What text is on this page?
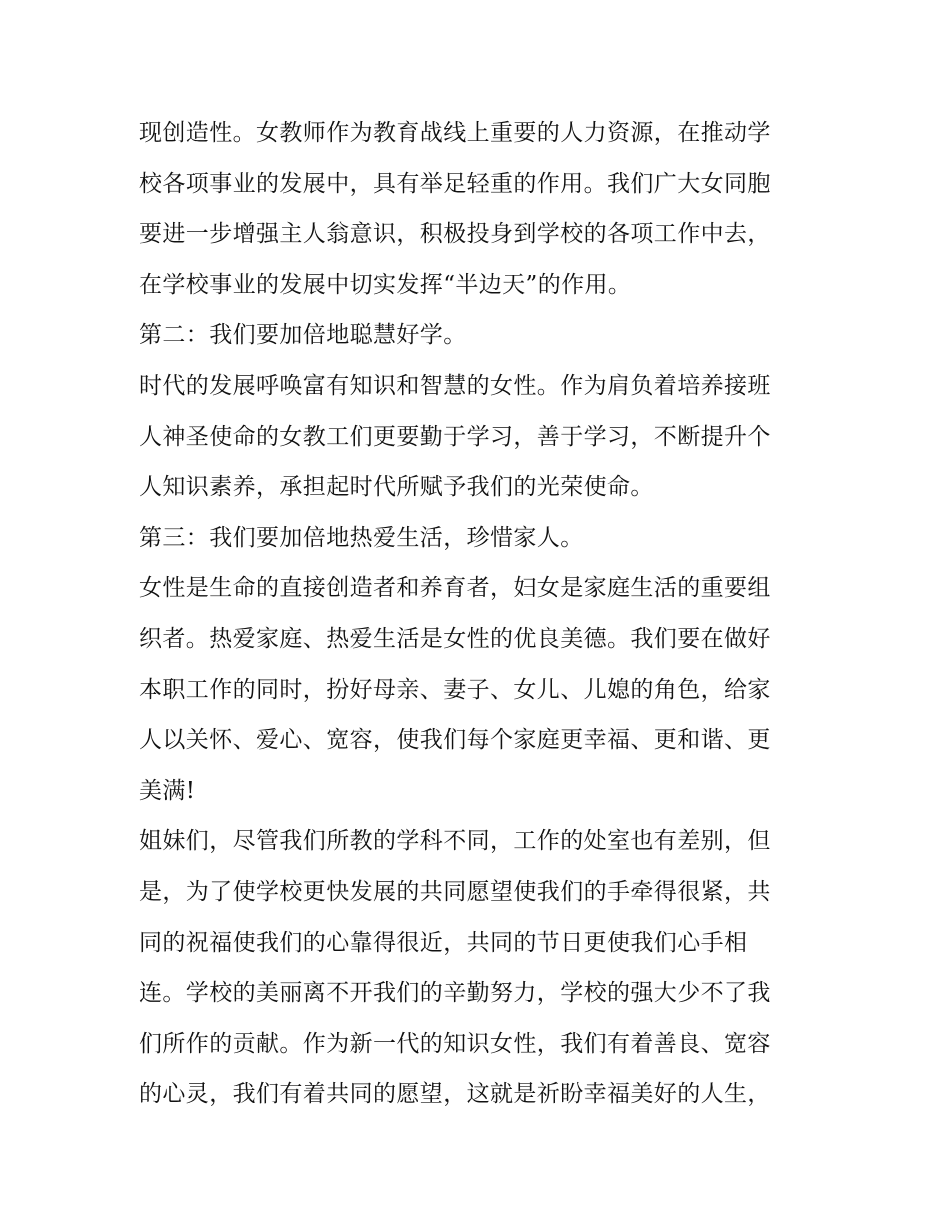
现创造性。女教师作为教育战线上重要的人力资源，在推动学
校各项事业的发展中，具有举足轻重的作用。我们广大女同胞
要进一步增强主人翁意识，积极投身到学校的各项工作中去，
在学校事业的发展中切实发挥“半边天”的作用。
第二：我们要加倍地聪慧好学。
时代的发展呼唤富有知识和智慧的女性。作为肩负着培养接班
人神圣使命的女教工们更要勤于学习，善于学习，不断提升个
人知识素养，承担起时代所赋予我们的光荣使命。
第三：我们要加倍地热爱生活，珍惜家人。
女性是生命的直接创造者和养育者，妇女是家庭生活的重要组
织者。热爱家庭、热爱生活是女性的优良美德。我们要在做好
本职工作的同时，扮好母亲、妻子、女儿、儿媳的角色，给家
人以关怀、爱心、宽容，使我们每个家庭更幸福、更和谐、更
美满!
姐妹们，尽管我们所教的学科不同，工作的处室也有差别，但
是，为了使学校更快发展的共同愿望使我们的手牵得很紧，共
同的祝福使我们的心靠得很近，共同的节日更使我们心手相
连。学校的美丽离不开我们的辛勤努力，学校的强大少不了我
们所作的贡献。作为新一代的知识女性，我们有着善良、宽容
的心灵，我们有着共同的愿望，这就是祈盼幸福美好的人生，
